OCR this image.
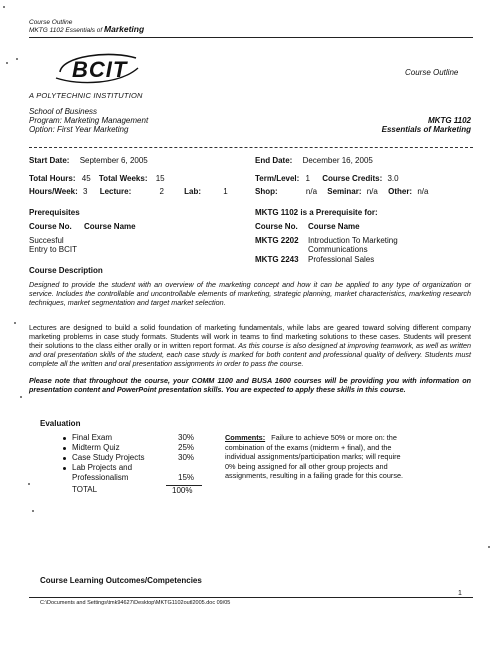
Course Outline
MKTG 1102 Essentials of Marketing
BCIT	Course Outline
A POLYTECHNIC INSTITUTION
School of Business
Program: Marketing Management
Option: First Year Marketing
MKTG 1102
Essentials of Marketing
Start Date: September 6, 2005	End Date: December 16, 2005
Total Hours: 45 Total Weeks: 15	Term/Level: 1 Course Credits: 3.0
Hours/Week: 3 Lecture:	2	Lab:	1	Shop:	n/a Seminar: n/a Other: n/a
Prerequisites
Course No. Course Name
Succesful
Entry to BCIT
MKTG 1102 is a Prerequisite for:
Course No. Course Name
MKTG 2202 Introduction To Marketing
Communications
MKTG 2243 Professional Sales
Course Description
Designed to provide the student with an overview of the marketing concept and how it can be applied to any type of organization or service. Includes the controllable and uncontrollable elements of marketing, strategic planning, market characteristics, marketing research techniques, market segmentation and target market selection.
Lectures are designed to build a solid foundation of marketing fundamentals, while labs are geared toward solving different company marketing problems in case study formats. Students will work in teams to find marketing solutions to these cases. Students will present their solutions to the class either orally or in written report format. As this course is also designed at improving teamwork, as well as written and oral presentation skills of the student, each case study is marked for both content and professional quality of delivery. Students must complete all the written and oral presentation assignments in order to pass the course.
Please note that throughout the course, your COMM 1100 and BUSA 1600 courses will be providing you with information on presentation content and PowerPoint presentation skills. You are expected to apply these skills in this course.
Evaluation
Final Exam	30%
Midterm Quiz	25%
Case Study Projects	30%
Lab Projects and
Professionalism	15%
TOTAL	100%
Comments: Failure to achieve 50% or more on: the
combination of the exams (midterm + final), and the
individual assignments/participation marks; will require
0% being assigned for all other group projects and
assignments, resulting in a failing grade for this course.
Course Learning Outcomes/Competencies
C:\Documents and Settings\tmk94627\Desktop\MKTG1102outl2005.doc 09/05
1
